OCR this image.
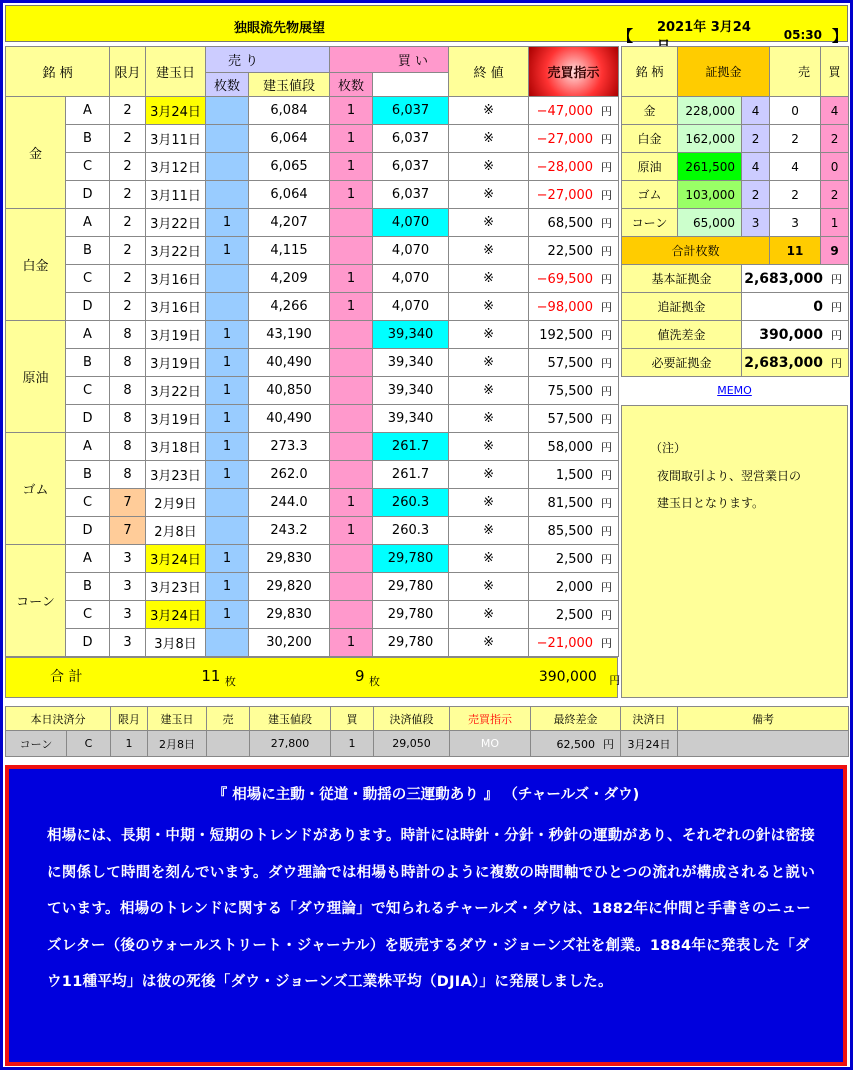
独眼流先物展望	【 2021年 3月24	05:30 】
銘 柄		限月	建玉日	売 り		買 い		終 値	売買指示	
				枚数	建玉値段	枚数				
金	A	2	3月24日		6,084	1	6,037	※	−47,000 円	
	B	2	3月11日		6,064	1	6,037	※	−27,000 円	
	C	2	3月12日		6,065	1	6,037	※	−28,000 円	
	D	2	3月11日		6,064	1	6,037	※	−27,000 円	
白金	A	2	3月22日	1	4,207		4,070	※	68,500 円	
	B	2	3月22日	1	4,115		4,070	※	22,500 円	
	C	2	3月16日		4,209	1	4,070	※	−69,500 円	
	D	2	3月16日		4,266	1	4,070	※	−98,000 円	
原油	A	8	3月19日	1	43,190		39,340	※	192,500 円	
	B	8	3月19日	1	40,490		39,340	※	57,500 円	
	C	8	3月22日	1	40,850		39,340	※	75,500 円	
	D	8	3月19日	1	40,490		39,340	※	57,500 円	
ゴム	A	8	3月18日	1	273.3		261.7	※	58,000 円	
	B	8	3月23日	1	262.0		261.7	※	1,500 円	
	C	7	2月9日		244.0	1	260.3	※	81,500 円	
	D	7	2月8日		243.2	1	260.3	※	85,500 円	
コーン	A	3	3月24日	1	29,830		29,780	※	2,500 円	
	B	3	3月23日	1	29,820		29,780	※	2,000 円	
	C	3	3月24日	1	29,830		29,780	※	2,500 円	
	D	3	3月8日		30,200	1	29,780	※	−21,000 円	
合 計	11 $_枚$	9 $_枚$	390,000 $_円$
銘 柄	証拠金		売	買
金	228,000	4	0	4
白金	162,000	2	2	2
原油	261,500	4	4	0
ゴム	103,000	2	2	2
コーン	65,000	3	3	1
合計枚数			11	9
基本証拠金		2,683,000 円		
追証拠金		0 円		
値洗差金		390,000 円		
必要証拠金		2,683,000 円		
MEMO
（注）
夜間取引より、翌営業日の
建玉日となります。
本日決済分		限月	建玉日	売	建玉値段	買	決済値段	売買指示	最終差金	決済日	備考
コーン	C	1	2月8日		27,800	1	29,050	MO	62,500 円	3月24日	
『 相場に主動・従道・動揺の三運動あり 』 （チャールズ・ダウ)
相場には、長期・中期・短期のトレンドがあります。時計には時針・分針・秒針の運動があり、それぞれの針は密接に関係して時間を刻んでいます。ダウ理論では相場も時計のように複数の時間軸でひとつの流れが構成されると説いています。相場のトレンドに関する「ダウ理論」で知られるチャールズ・ダウは、1882年に仲間と手書きのニューズレター（後のウォールストリート・ジャーナル）を販売するダウ・ジョーンズ社を創業。1884年に発表した「ダウ11種平均」は彼の死後「ダウ・ジョーンズ工業株平均（DJIA）」に発展しました。
